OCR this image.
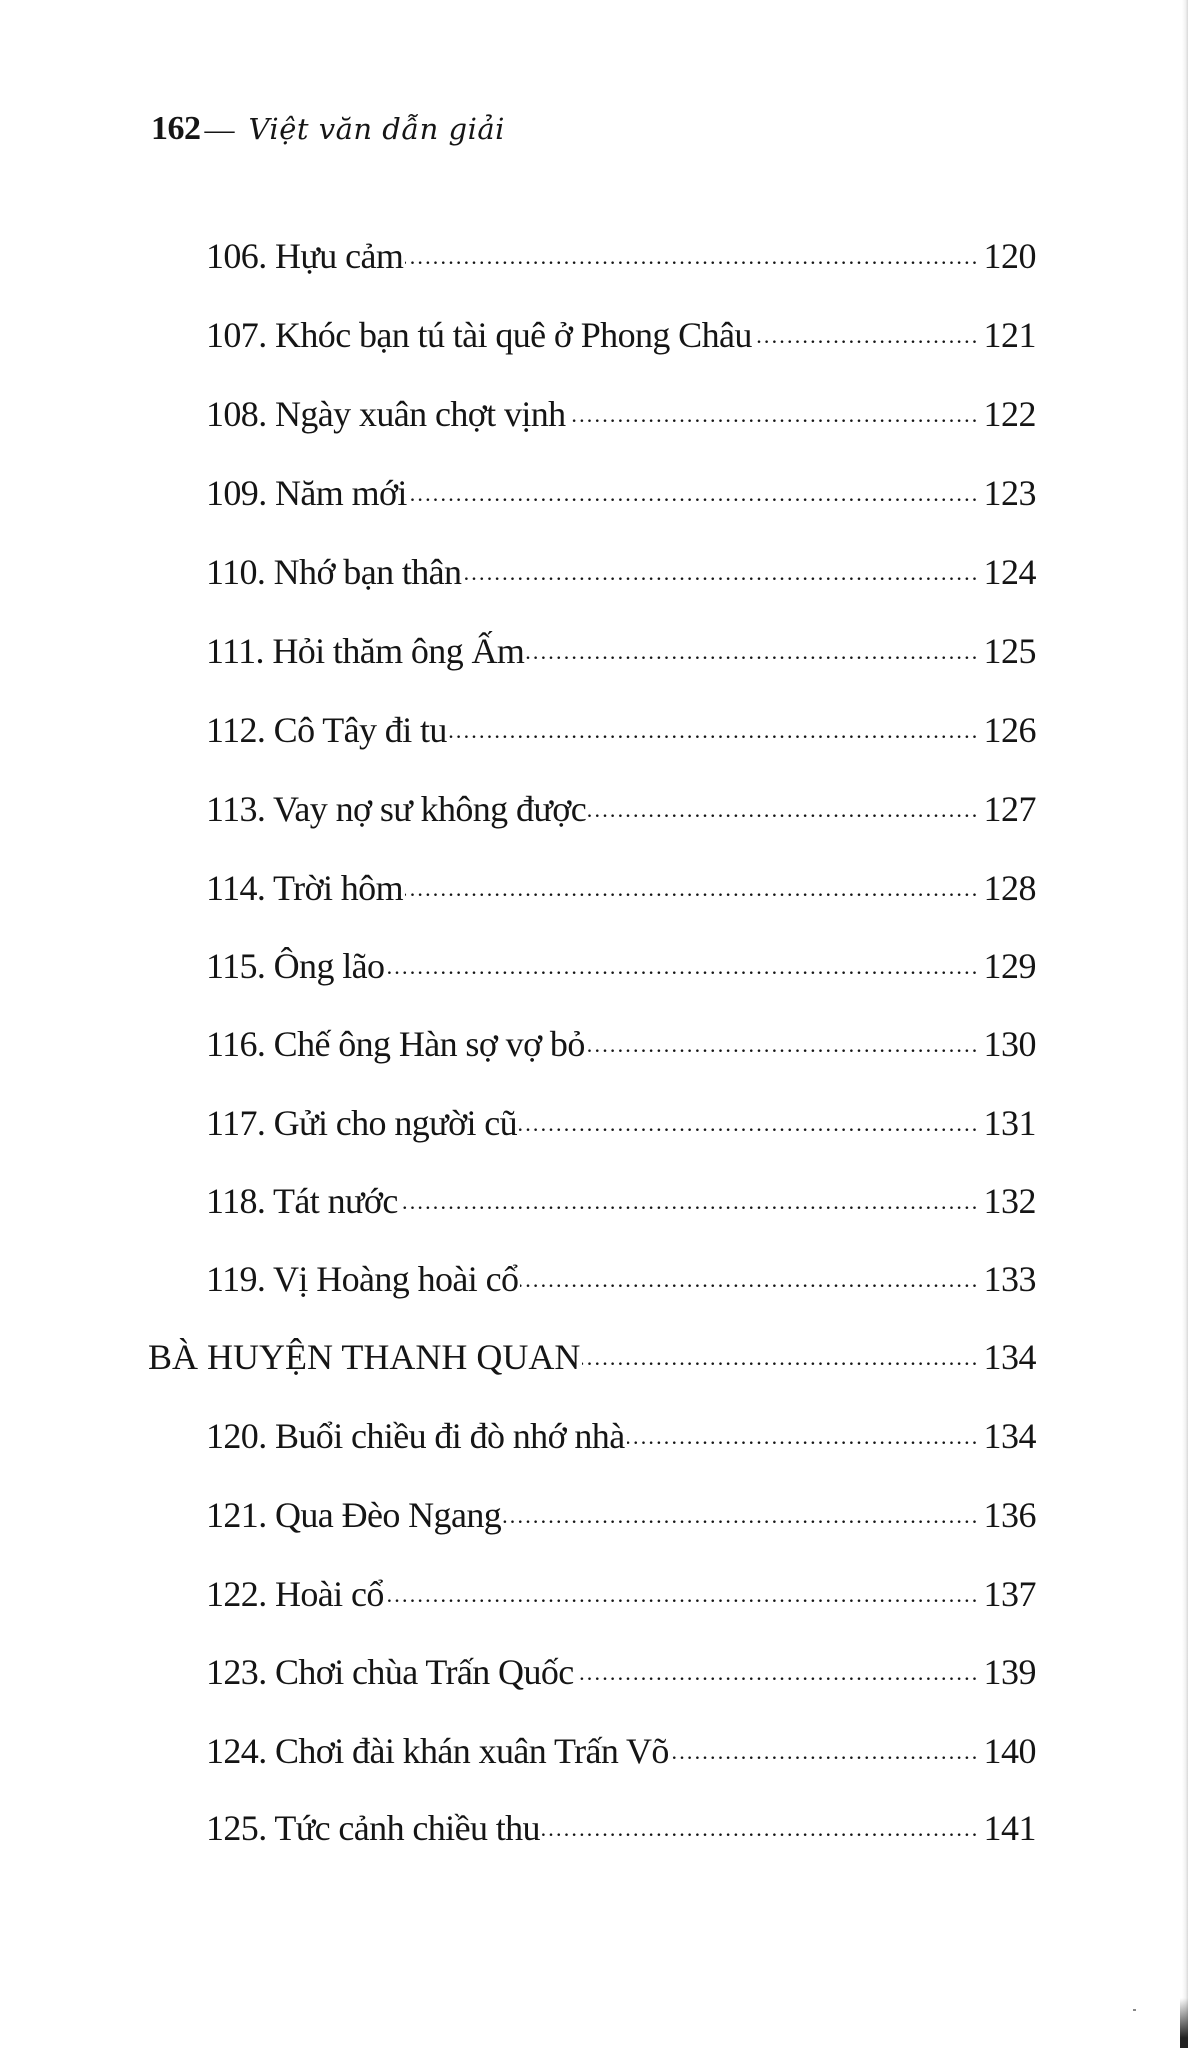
162 — Việt văn dẫn giải
106. Hựu cảm .....	120
107. Khóc bạn tú tài quê ở Phong Châu .....	121
108. Ngày xuân chợt vịnh .....	122
109. Năm mới .....	123
110. Nhớ bạn thân .....	124
111. Hỏi thăm ông Ấm .....	125
112. Cô Tây đi tu .....	126
113. Vay nợ sư không được .....	127
114. Trời hôm .....	128
115. Ông lão .....	129
116. Chế ông Hàn sợ vợ bỏ .....	130
117. Gửi cho người cũ .....	131
118. Tát nước .....	132
119. Vị Hoàng hoài cổ .....	133
BÀ HUYỆN THANH QUAN .....	134
120. Buổi chiều đi đò nhớ nhà .....	134
121. Qua Đèo Ngang .....	136
122. Hoài cổ .....	137
123. Chơi chùa Trấn Quốc .....	139
124. Chơi đài khán xuân Trấn Võ .....	140
125. Tức cảnh chiều thu .....	141
